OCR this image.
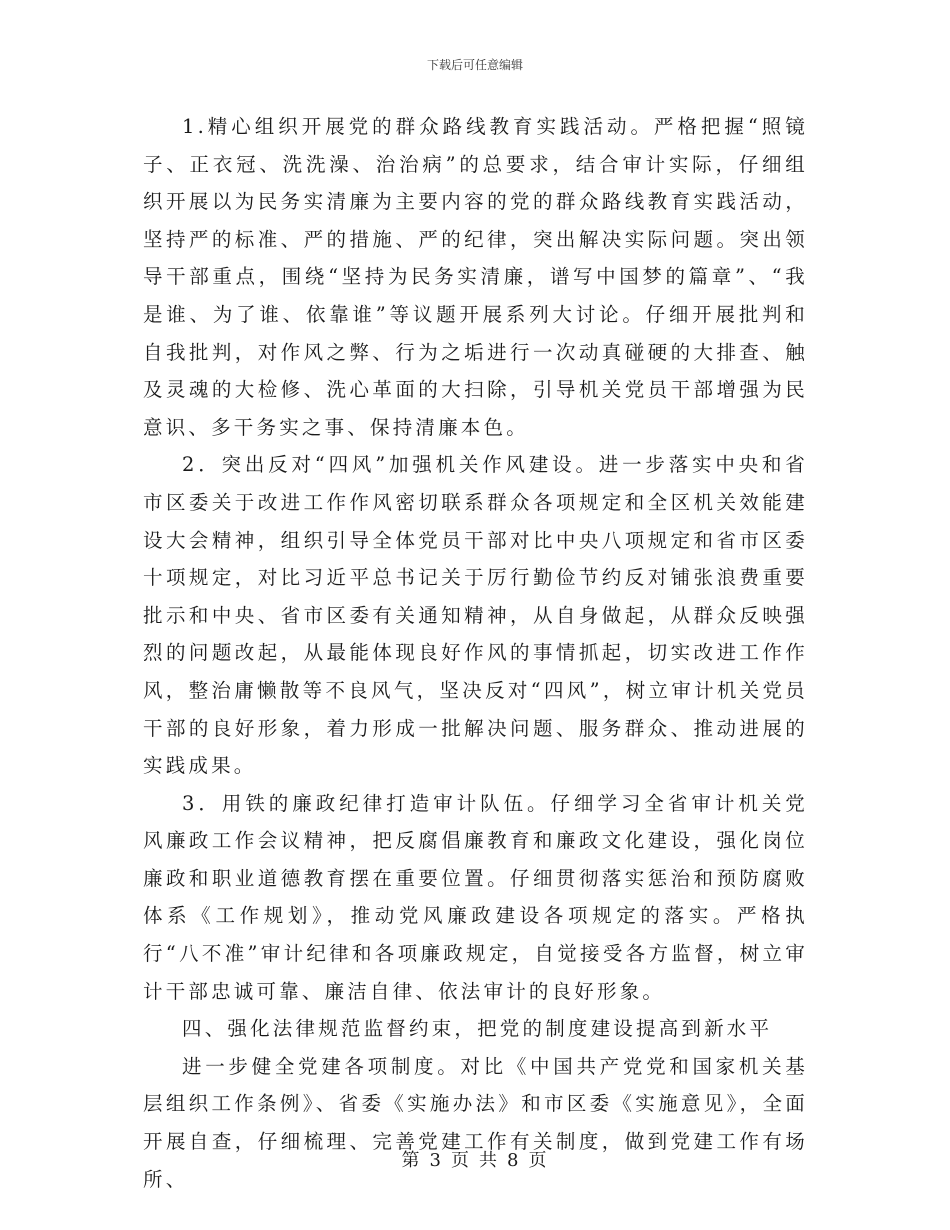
下载后可任意编辑

1.精心组织开展党的群众路线教育实践活动。严格把握“照镜子、正衣冠、洗洗澡、治治病”的总要求，结合审计实际，仔细组织开展以为民务实清廉为主要内容的党的群众路线教育实践活动，坚持严的标准、严的措施、严的纪律，突出解决实际问题。突出领导干部重点，围绕“坚持为民务实清廉，谱写中国梦的篇章”、“我是谁、为了谁、依靠谁”等议题开展系列大讨论。仔细开展批判和自我批判，对作风之弊、行为之垢进行一次动真碰硬的大排查、触及灵魂的大检修、洗心革面的大扫除，引导机关党员干部增强为民意识、多干务实之事、保持清廉本色。

2．突出反对“四风”加强机关作风建设。进一步落实中央和省市区委关于改进工作作风密切联系群众各项规定和全区机关效能建设大会精神，组织引导全体党员干部对比中央八项规定和省市区委十项规定，对比习近平总书记关于厉行勤俭节约反对铺张浪费重要批示和中央、省市区委有关通知精神，从自身做起，从群众反映强烈的问题改起，从最能体现良好作风的事情抓起，切实改进工作作风，整治庸懒散等不良风气，坚决反对“四风”，树立审计机关党员干部的良好形象，着力形成一批解决问题、服务群众、推动进展的实践成果。

3．用铁的廉政纪律打造审计队伍。仔细学习全省审计机关党风廉政工作会议精神，把反腐倡廉教育和廉政文化建设，强化岗位廉政和职业道德教育摆在重要位置。仔细贯彻落实惩治和预防腐败体系《工作规划》，推动党风廉政建设各项规定的落实。严格执行“八不准”审计纪律和各项廉政规定，自觉接受各方监督，树立审计干部忠诚可靠、廉洁自律、依法审计的良好形象。

四、强化法律规范监督约束，把党的制度建设提高到新水平

进一步健全党建各项制度。对比《中国共产党党和国家机关基层组织工作条例》、省委《实施办法》和市区委《实施意见》，全面开展自查，仔细梳理、完善党建工作有关制度，做到党建工作有场所、

第 3 页 共 8 页
